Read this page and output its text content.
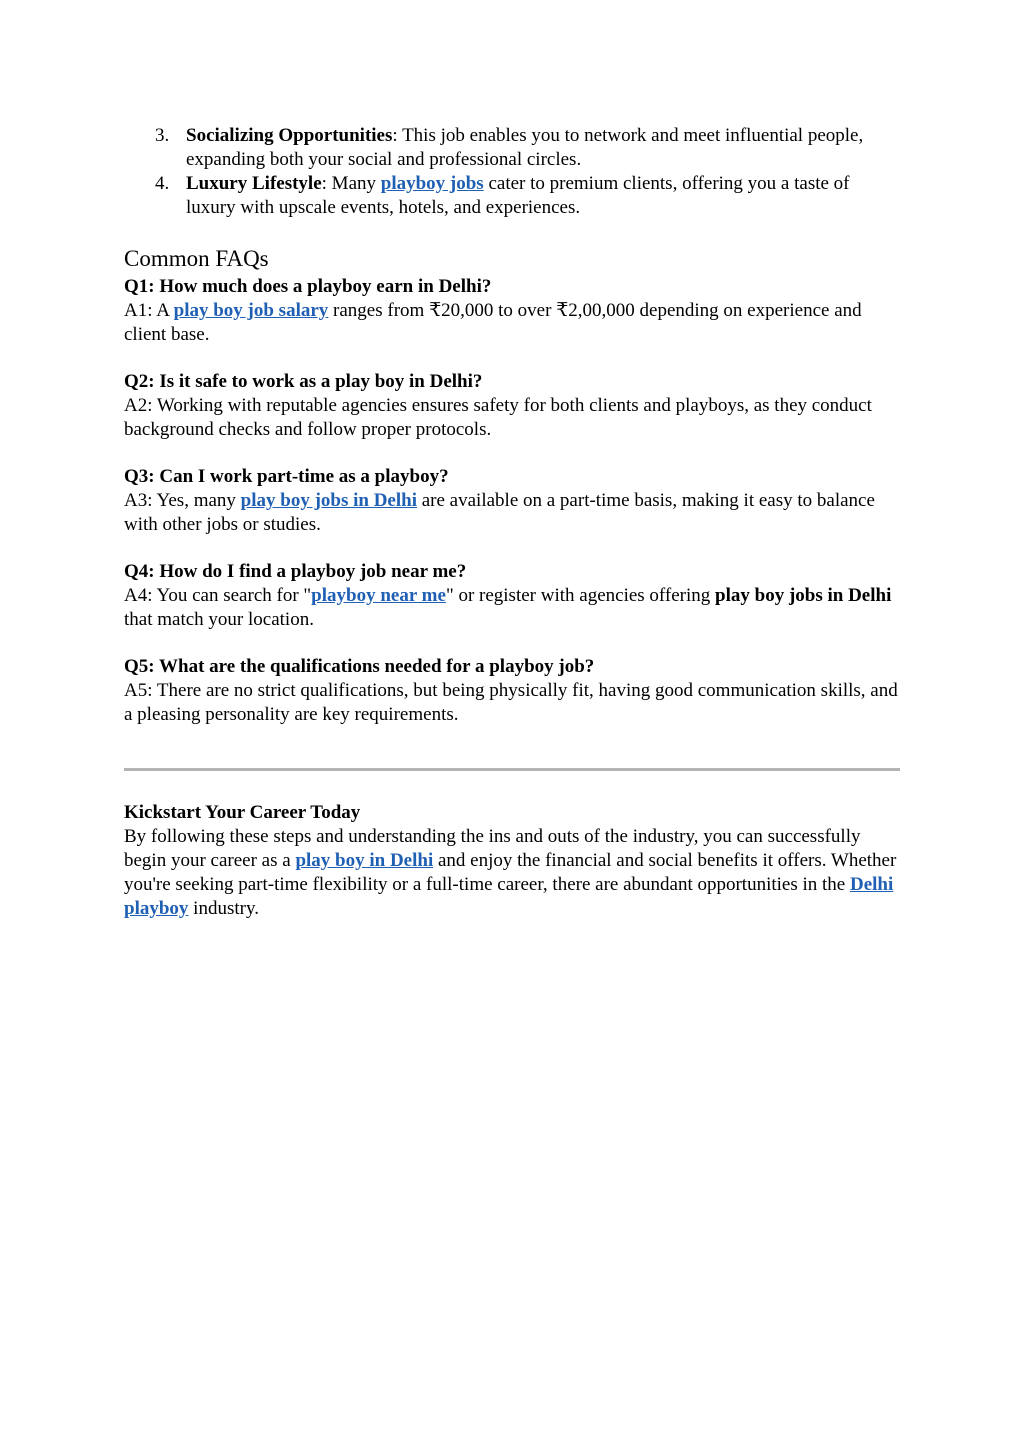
3. Socializing Opportunities: This job enables you to network and meet influential people, expanding both your social and professional circles.
4. Luxury Lifestyle: Many playboy jobs cater to premium clients, offering you a taste of luxury with upscale events, hotels, and experiences.
Common FAQs
Q1: How much does a playboy earn in Delhi?
A1: A play boy job salary ranges from ₹20,000 to over ₹2,00,000 depending on experience and client base.
Q2: Is it safe to work as a play boy in Delhi?
A2: Working with reputable agencies ensures safety for both clients and playboys, as they conduct background checks and follow proper protocols.
Q3: Can I work part-time as a playboy?
A3: Yes, many play boy jobs in Delhi are available on a part-time basis, making it easy to balance with other jobs or studies.
Q4: How do I find a playboy job near me?
A4: You can search for "playboy near me" or register with agencies offering play boy jobs in Delhi that match your location.
Q5: What are the qualifications needed for a playboy job?
A5: There are no strict qualifications, but being physically fit, having good communication skills, and a pleasing personality are key requirements.
Kickstart Your Career Today
By following these steps and understanding the ins and outs of the industry, you can successfully begin your career as a play boy in Delhi and enjoy the financial and social benefits it offers. Whether you're seeking part-time flexibility or a full-time career, there are abundant opportunities in the Delhi playboy industry.
